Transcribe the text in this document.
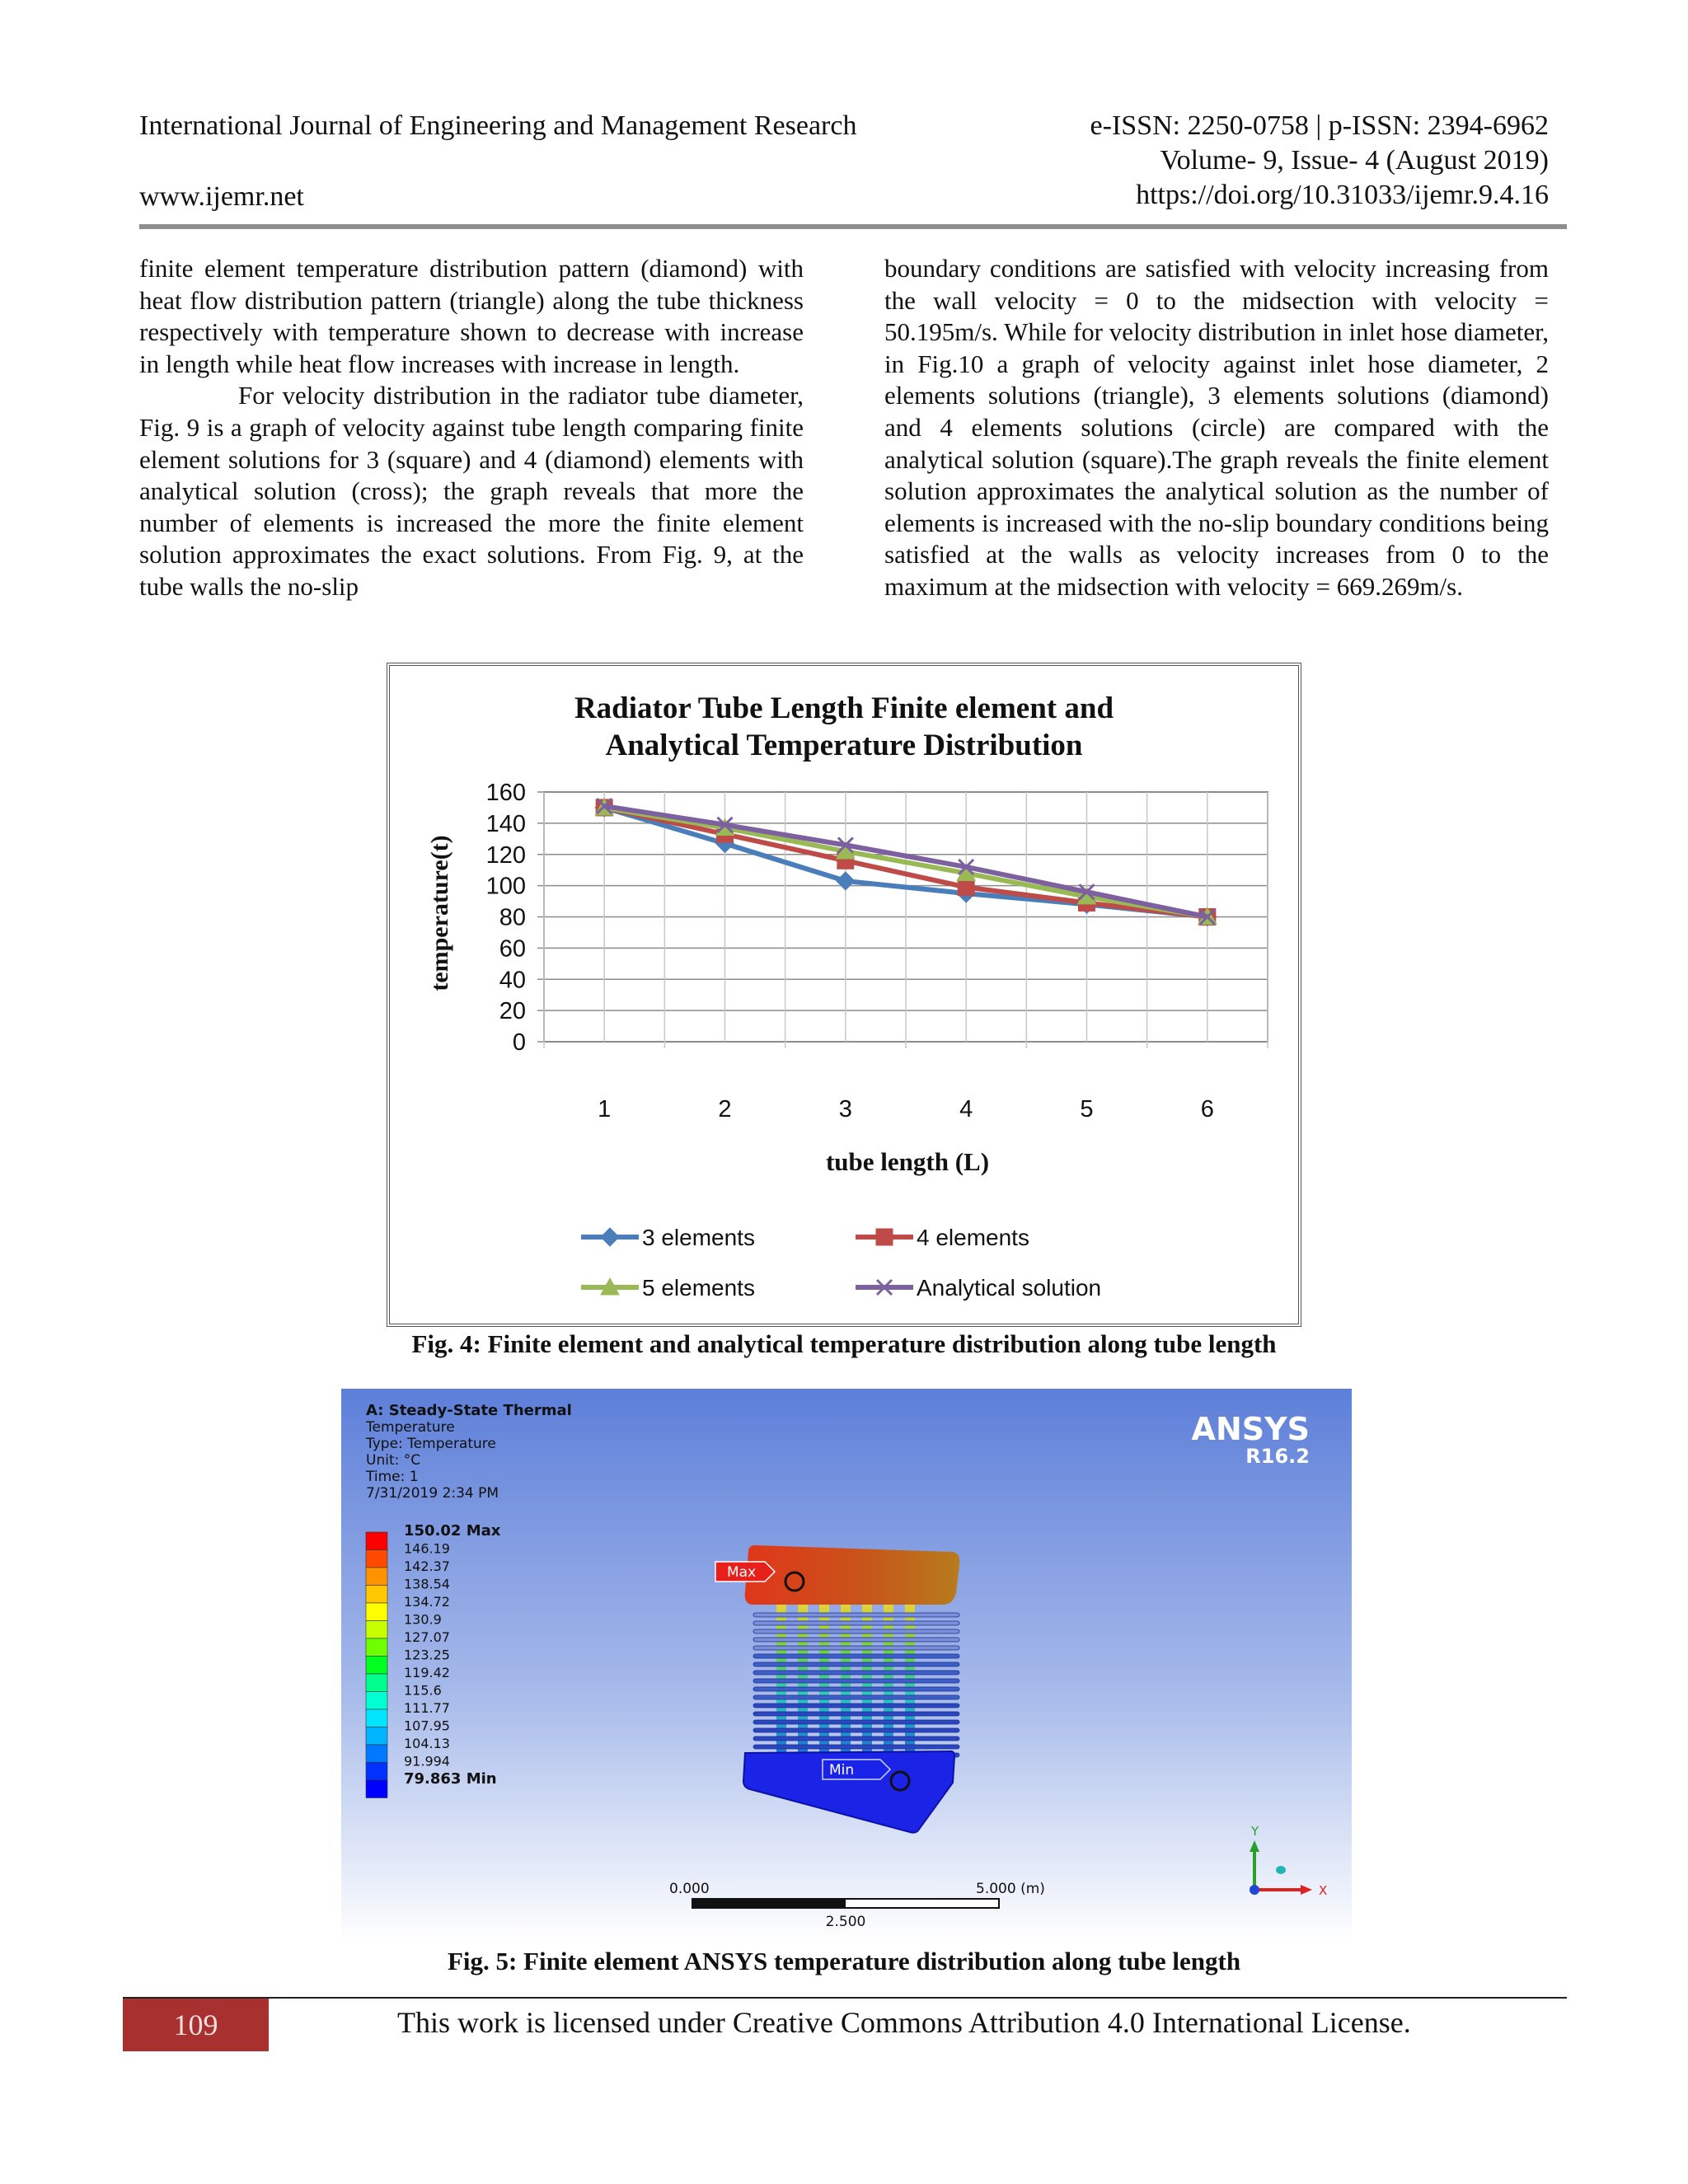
International Journal of Engineering and Management Research
www.ijemr.net
e-ISSN: 2250-0758 | p-ISSN: 2394-6962
Volume- 9, Issue- 4 (August 2019)
https://doi.org/10.31033/ijemr.9.4.16

finite element temperature distribution pattern (diamond) with heat flow distribution pattern (triangle) along the tube thickness respectively with temperature shown to decrease with increase in length while heat flow increases with increase in length.

For velocity distribution in the radiator tube diameter, Fig. 9 is a graph of velocity against tube length comparing finite element solutions for 3 (square) and 4 (diamond) elements with analytical solution (cross); the graph reveals that more the number of elements is increased the more the finite element solution approximates the exact solutions. From Fig. 9, at the tube walls the no-slip

boundary conditions are satisfied with velocity increasing from the wall velocity = 0 to the midsection with velocity = 50.195m/s. While for velocity distribution in inlet hose diameter, in Fig.10 a graph of velocity against inlet hose diameter, 2 elements solutions (triangle), 3 elements solutions (diamond) and 4 elements solutions (circle) are compared with the analytical solution (square).The graph reveals the finite element solution approximates the analytical solution as the number of elements is increased with the no-slip boundary conditions being satisfied at the walls as velocity increases from 0 to the maximum at the midsection with velocity = 669.269m/s.

Radiator Tube Length Finite element and
Analytical Temperature Distribution
0
20
40
60
80
100
120
140
160
1	2	3	4	5	6
temperature(t)
tube length (L)
3 elements	4 elements
5 elements	Analytical solution
Fig. 4: Finite element and analytical temperature distribution along tube length
A: Steady-State Thermal
Temperature
Type: Temperature
Unit: °C
Time: 1
7/31/2019 2:34 PM
150.02 Max
146.19
142.37
138.54
134.72
130.9
127.07
123.25
119.42
115.6
111.77
107.95
104.13
91.994
79.863 Min
ANSYS
R16.2
Max
Min
0.000	5.000 (m)
2.500
Y
X
Fig. 5: Finite element ANSYS temperature distribution along tube length
109	This work is licensed under Creative Commons Attribution 4.0 International License.
